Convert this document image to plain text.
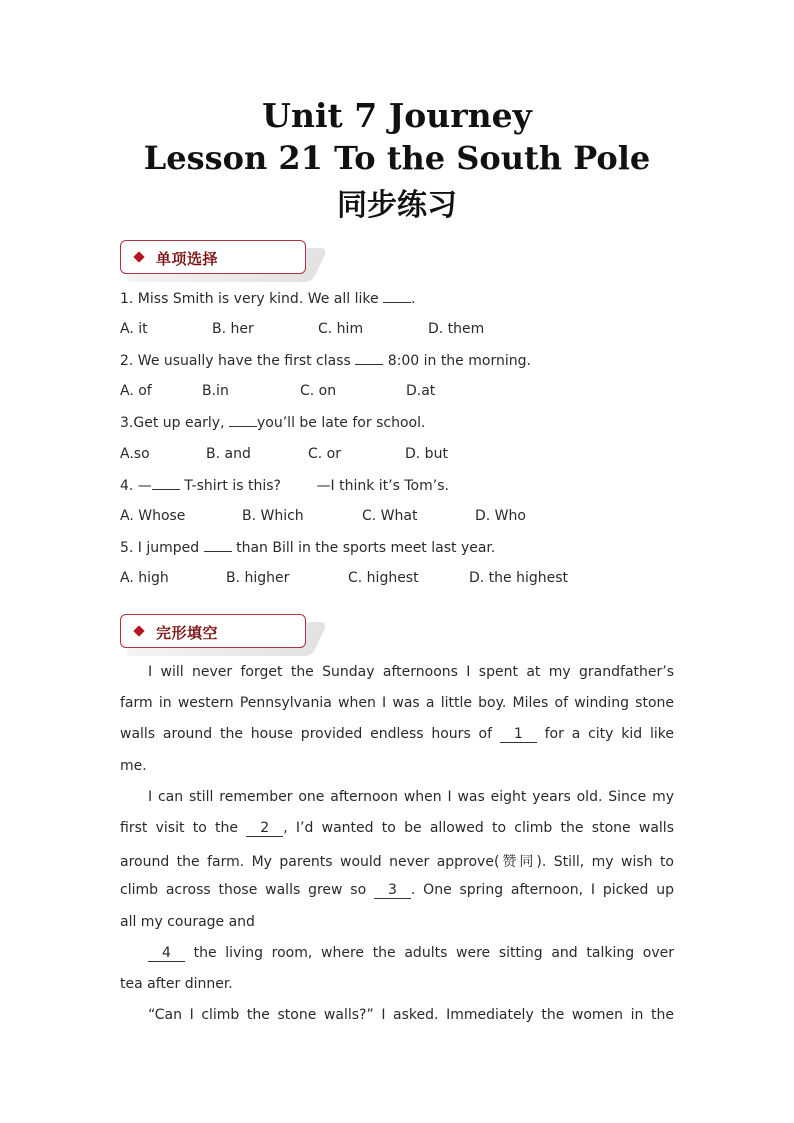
Unit 7 Journey
Lesson 21 To the South Pole
同步练习
单项选择
1. Miss Smith is very kind. We all like .
A. it	B. her	C. him	D. them
2. We usually have the first class  8:00 in the morning.
A. of	B.in	C. on	D.at
3.Get up early, you’ll be late for school.
A.so	B. and	C. or	D. but
4. — T-shirt is this?        —I think it’s Tom’s.
A. Whose	B. Which	C. What	D. Who
5. I jumped  than Bill in the sports meet last year.
A. high	B. higher	C. highest	D. the highest
完形填空
I will never forget the Sunday afternoons I spent at my grandfather’s
farm in western Pennsylvania when I was a little boy. Miles of winding stone
walls around the house provided endless hours of 1 for a city kid like
me.
I can still remember one afternoon when I was eight years old. Since my
first visit to the 2 , I’d wanted to be allowed to climb the stone walls
around the farm. My parents would never approve(赞同). Still, my wish to
climb across those walls grew so 3 . One spring afternoon, I picked up
all my courage and
4 the living room, where the adults were sitting and talking over
tea after dinner.
“Can I climb the stone walls?” I asked. Immediately the women in the
